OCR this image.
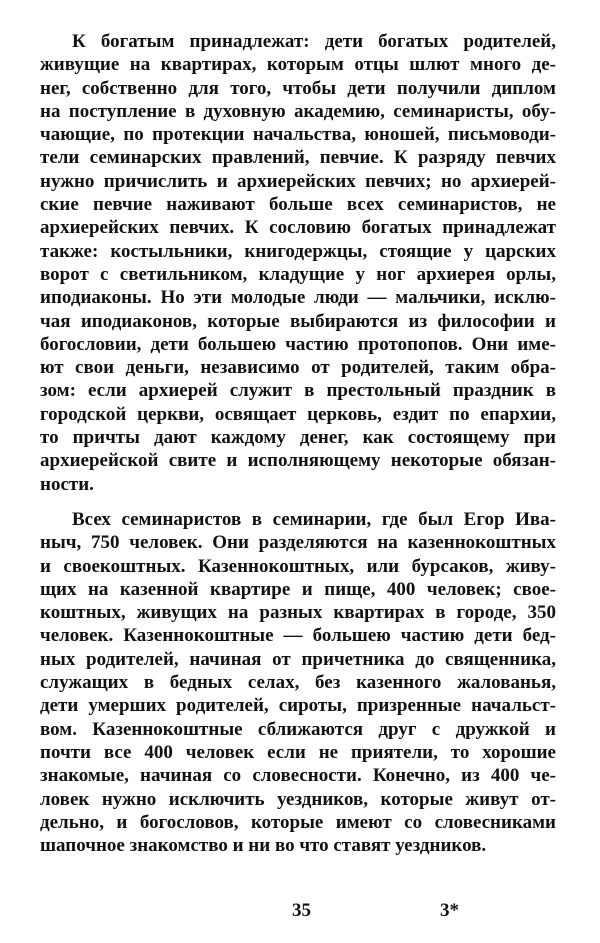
К богатым принадлежат: дети богатых родителей,
живущие на квартирах, которым отцы шлют много де-
нег, собственно для того, чтобы дети получили диплом
на поступление в духовную академию, семинаристы, обу-
чающие, по протекции начальства, юношей, письмоводи-
тели семинарских правлений, певчие. К разряду певчих
нужно причислить и архиерейских певчих; но архиерей-
ские певчие наживают больше всех семинаристов, не
архиерейских певчих. К сословию богатых принадлежат
также: костыльники, книгодержцы, стоящие у царских
ворот с светильником, кладущие у ног архиерея орлы,
иподиаконы. Но эти молодые люди — мальчики, исклю-
чая иподиаконов, которые выбираются из философии и
богословии, дети большею частию протопопов. Они име-
ют свои деньги, независимо от родителей, таким обра-
зом: если архиерей служит в престольный праздник в
городской церкви, освящает церковь, ездит по епархии,
то причты дают каждому денег, как состоящему при
архиерейской свите и исполняющему некоторые обязан-
ности.
Всех семинаристов в семинарии, где был Егор Ива-
ныч, 750 человек. Они разделяются на казеннокоштных
и своекоштных. Казеннокоштных, или бурсаков, живу-
щих на казенной квартире и пище, 400 человек; свое-
коштных, живущих на разных квартирах в городе, 350
человек. Казеннокоштные — большею частию дети бед-
ных родителей, начиная от причетника до священника,
служащих в бедных селах, без казенного жалованья,
дети умерших родителей, сироты, призренные начальст-
вом. Казеннокоштные сближаются друг с дружкой и
почти все 400 человек если не приятели, то хорошие
знакомые, начиная со словесности. Конечно, из 400 че-
ловек нужно исключить уездников, которые живут от-
дельно, и богословов, которые имеют со словесниками
шапочное знакомство и ни во что ставят уездников.
35	3*
